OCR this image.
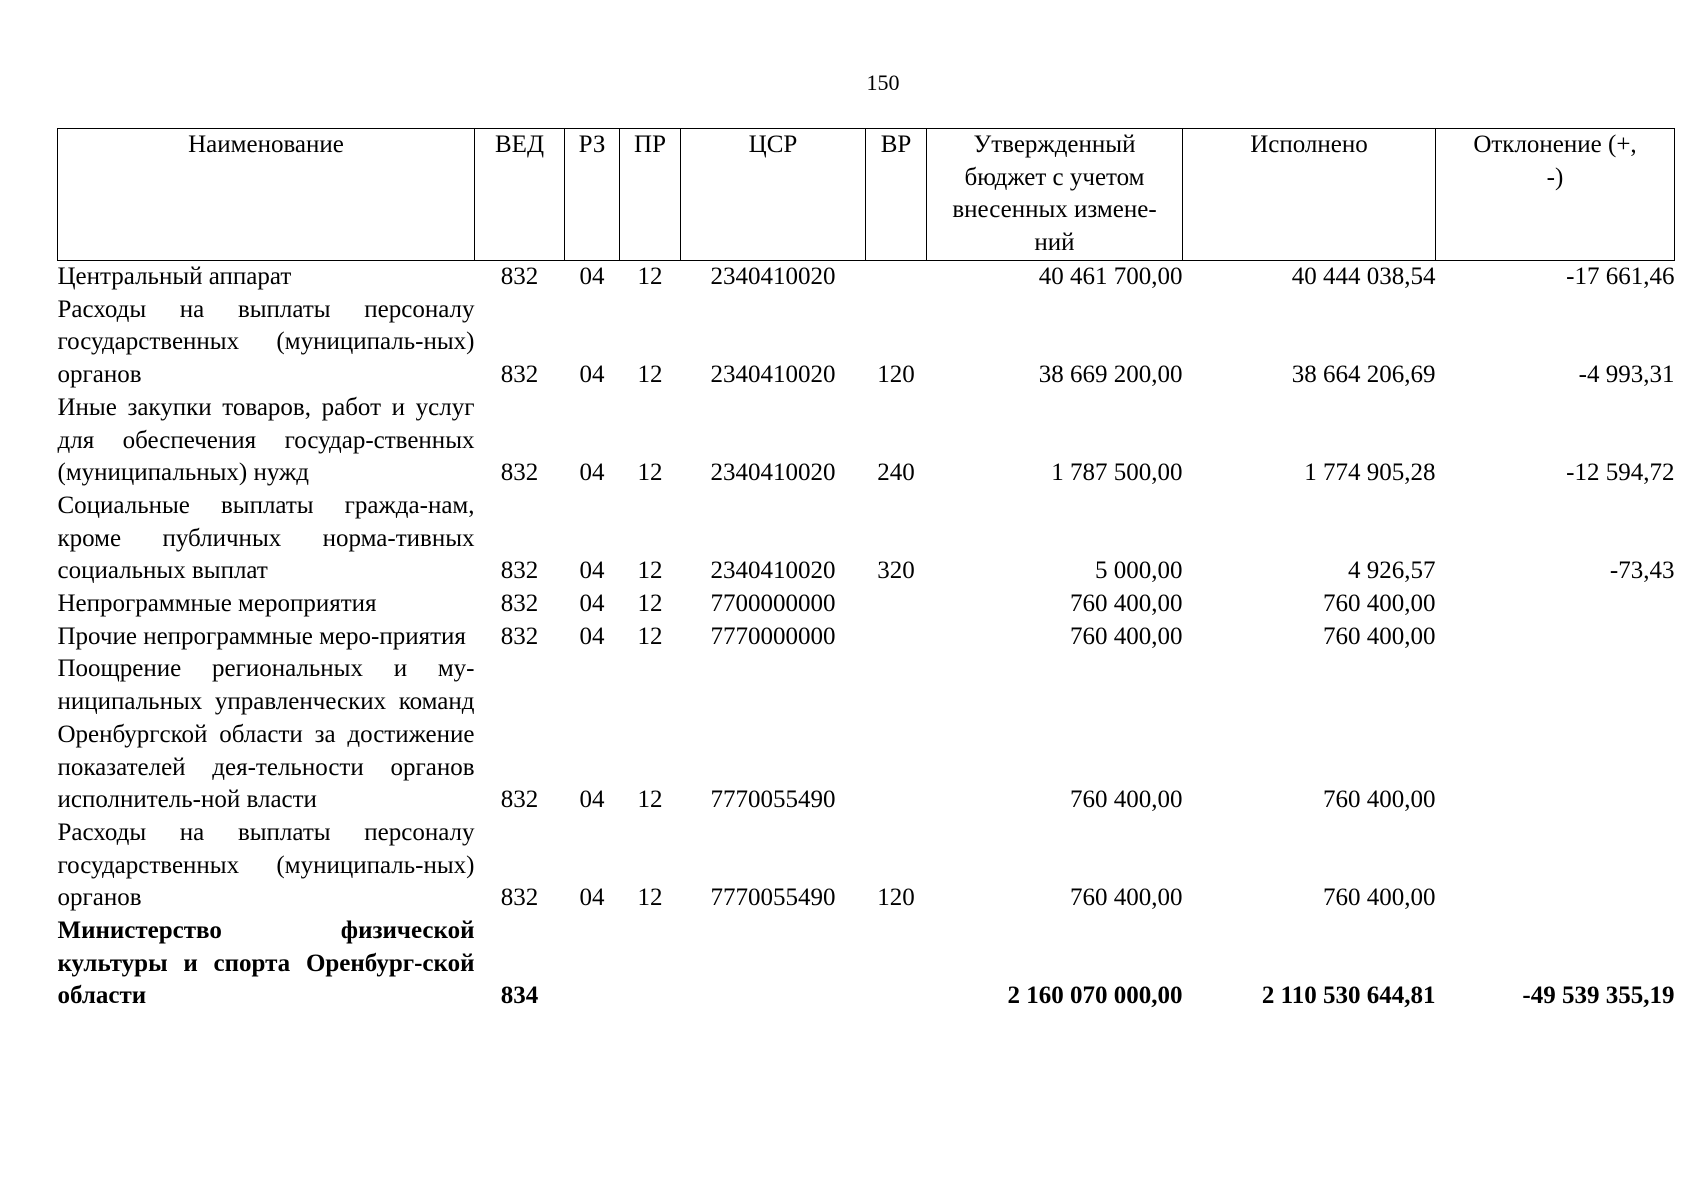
150
Наименование	ВЕД	РЗ	ПР	ЦСР	ВР	Утвержденный бюджет с учетом внесенных измене-ний	Исполнено	Отклонение (+, -)
Центральный аппарат	832	04	12	2340410020		40 461 700,00	40 444 038,54	-17 661,46
Расходы на выплаты персоналу государственных (муниципаль-ных) органов	832	04	12	2340410020	120	38 669 200,00	38 664 206,69	-4 993,31
Иные закупки товаров, работ и услуг для обеспечения государ-ственных (муниципальных) нужд	832	04	12	2340410020	240	1 787 500,00	1 774 905,28	-12 594,72
Социальные выплаты гражда-нам, кроме публичных норма-тивных социальных выплат	832	04	12	2340410020	320	5 000,00	4 926,57	-73,43
Непрограммные мероприятия	832	04	12	7700000000		760 400,00	760 400,00	
Прочие непрограммные меро-приятия	832	04	12	7770000000		760 400,00	760 400,00	
Поощрение региональных и му-ниципальных управленческих команд Оренбургской области за достижение показателей дея-тельности органов исполнитель-ной власти	832	04	12	7770055490		760 400,00	760 400,00	
Расходы на выплаты персоналу государственных (муниципаль-ных) органов	832	04	12	7770055490	120	760 400,00	760 400,00	
Министерство физической культуры и спорта Оренбург-ской области	834					2 160 070 000,00	2 110 530 644,81	-49 539 355,19
